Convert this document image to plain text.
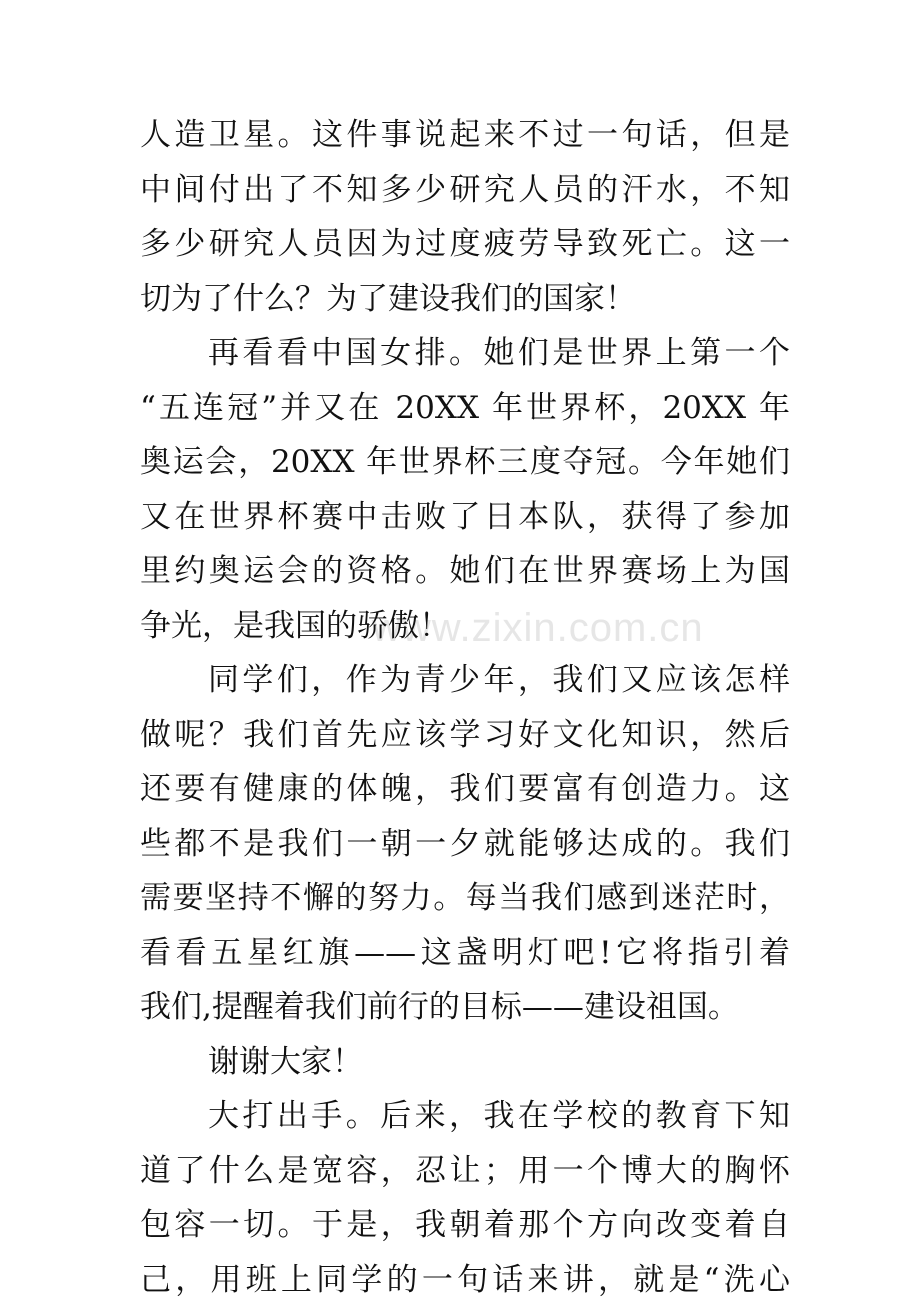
www.zixin.com.cn
人造卫星。这件事说起来不过一句话，但是
中间付出了不知多少研究人员的汗水，不知
多少研究人员因为过度疲劳导致死亡。这一
切为了什么？为了建设我们的国家！
再看看中国女排。她们是世界上第一个
“五连冠”并又在 20XX 年世界杯，20XX 年
奥运会，20XX 年世界杯三度夺冠。今年她们
又在世界杯赛中击败了日本队，获得了参加
里约奥运会的资格。她们在世界赛场上为国
争光，是我国的骄傲！
同学们，作为青少年，我们又应该怎样
做呢？我们首先应该学习好文化知识，然后
还要有健康的体魄，我们要富有创造力。这
些都不是我们一朝一夕就能够达成的。我们
需要坚持不懈的努力。每当我们感到迷茫时，
看看五星红旗——这盏明灯吧!它将指引着
我们,提醒着我们前行的目标——建设祖国。
谢谢大家！
大打出手。后来，我在学校的教育下知
道了什么是宽容，忍让；用一个博大的胸怀
包容一切。于是，我朝着那个方向改变着自
己，用班上同学的一句话来讲，就是“洗心
